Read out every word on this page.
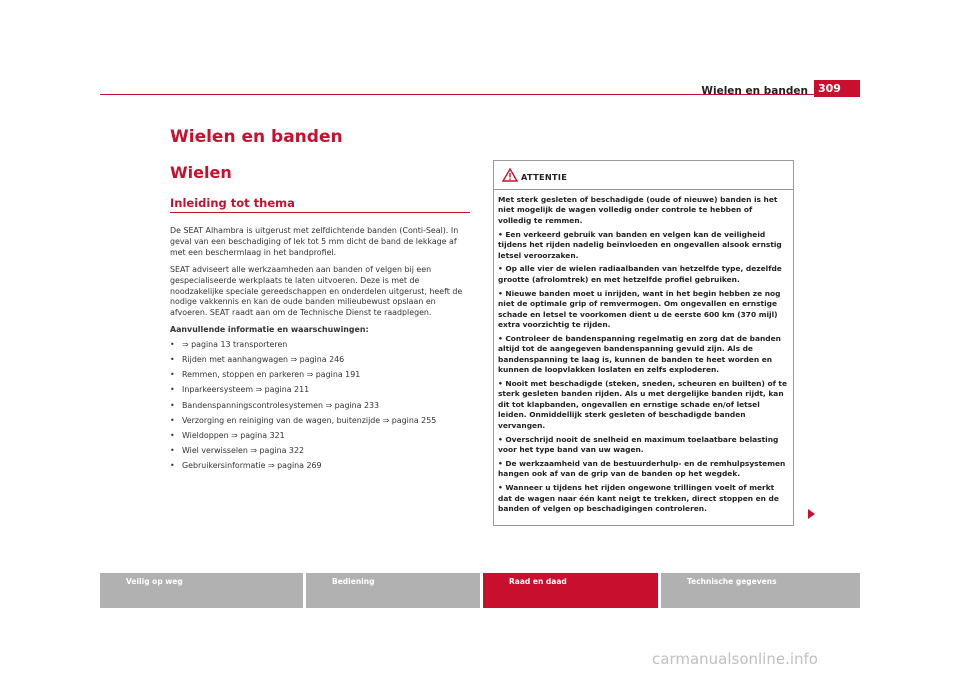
Wielen en banden 309
Wielen en banden
Wielen
Inleiding tot thema

De SEAT Alhambra is uitgerust met zelfdichtende banden (Conti-Seal). In geval van een beschadiging of lek tot 5 mm dicht de band de lekkage af met een beschermlaag in het bandprofiel.

SEAT adviseert alle werkzaamheden aan banden of velgen bij een gespecialiseerde werkplaats te laten uitvoeren. Deze is met de noodzakelijke speciale gereedschappen en onderdelen uitgerust, heeft de nodige vakkennis en kan de oude banden milieubewust opslaan en afvoeren. SEAT raadt aan om de Technische Dienst te raadplegen.

Aanvullende informatie en waarschuwingen:

• ⇒ pagina 13 transporteren
• Rijden met aanhangwagen ⇒ pagina 246
• Remmen, stoppen en parkeren ⇒ pagina 191
• Inparkeersysteem ⇒ pagina 211
• Bandenspanningscontrolesystemen ⇒ pagina 233
• Verzorging en reiniging van de wagen, buitenzijde ⇒ pagina 255
• Wieldoppen ⇒ pagina 321
• Wiel verwisselen ⇒ pagina 322
• Gebruikersinformatie ⇒ pagina 269
ATTENTIE

Met sterk gesleten of beschadigde (oude of nieuwe) banden is het niet mogelijk de wagen volledig onder controle te hebben of volledig te remmen.

• Een verkeerd gebruik van banden en velgen kan de veiligheid tijdens het rijden nadelig beïnvloeden en ongevallen alsook ernstig letsel veroorzaken.

• Op alle vier de wielen radiaalbanden van hetzelfde type, dezelfde grootte (afrolomtrek) en met hetzelfde profiel gebruiken.

• Nieuwe banden moet u inrijden, want in het begin hebben ze nog niet de optimale grip of remvermogen. Om ongevallen en ernstige schade en letsel te voorkomen dient u de eerste 600 km (370 mijl) extra voorzichtig te rijden.

• Controleer de bandenspanning regelmatig en zorg dat de banden altijd tot de aangegeven bandenspanning gevuld zijn. Als de bandenspanning te laag is, kunnen de banden te heet worden en kunnen de loopvlakken loslaten en zelfs exploderen.

• Nooit met beschadigde (steken, sneden, scheuren en builten) of te sterk gesleten banden rijden. Als u met dergelijke banden rijdt, kan dit tot klapbanden, ongevallen en ernstige schade en/of letsel leiden. Onmiddellijk sterk gesleten of beschadigde banden vervangen.

• Overschrijd nooit de snelheid en maximum toelaatbare belasting voor het type band van uw wagen.

• De werkzaamheid van de bestuurderhulp- en de remhulpsystemen hangen ook af van de grip van de banden op het wegdek.

• Wanneer u tijdens het rijden ongewone trillingen voelt of merkt dat de wagen naar één kant neigt te trekken, direct stoppen en de banden of velgen op beschadigingen controleren.

Veilig op weg	Bediening	Raad en daad	Technische gegevens
carmanualsonline.info
